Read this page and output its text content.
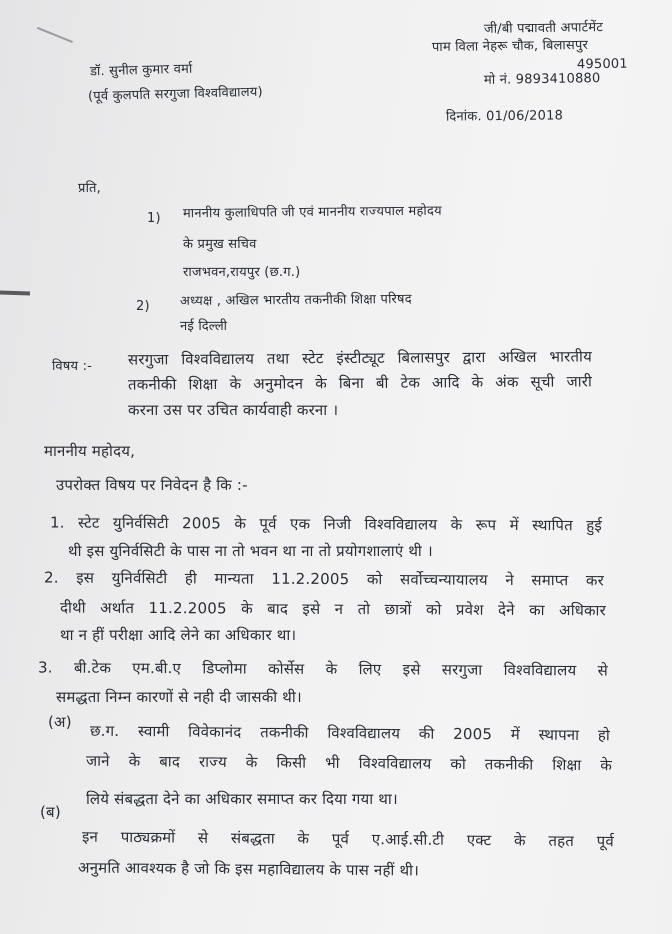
जी/बी पद्मावती अपार्टमेंट
पाम विला नेहरू चौक, बिलासपुर
495001
मो नं. 9893410880
डॉ. सुनील कुमार वर्मा
(पूर्व कुलपति सरगुजा विश्वविद्यालय)
दिनांक. 01/06/2018
प्रति,
1) माननीय कुलाधिपति जी एवं माननीय राज्यपाल महोदय
के प्रमुख सचिव
राजभवन,रायपुर (छ.ग.)
2) अध्यक्ष , अखिल भारतीय तकनीकी शिक्षा परिषद
नई दिल्ली
विषय :- सरगुजा विश्वविद्यालय तथा स्टेट इंस्टीट्यूट बिलासपुर द्वारा अखिल भारतीय
तकनीकी शिक्षा के अनुमोदन के बिना बी टेक आदि के अंक सूची जारी
करना उस पर उचित कार्यवाही करना ।
माननीय महोदय,
उपरोक्त विषय पर निवेदन है कि :-
1. स्टेट युनिर्वसिटी 2005 के पूर्व एक निजी विश्वविद्यालय के रूप में स्थापित हुई
थी इस युनिर्वसिटी के पास ना तो भवन था ना तो प्रयोगशालाएं थी ।
2. इस युनिर्वसिटी ही मान्यता 11.2.2005 को सर्वोच्चन्यायालय ने समाप्त कर
दीथी अर्थात 11.2.2005 के बाद इसे न तो छात्रों को प्रवेश देने का अधिकार
था न हीं परीक्षा आदि लेने का अधिकार था।
3. बी.टेक एम.बी.ए डिप्लोमा कोर्सेस के लिए इसे सरगुजा विश्वविद्यालय से
समद्धता निम्न कारणों से नही दी जासकी थी।
(अ) छ.ग. स्वामी विवेकानंद तकनीकी विश्वविद्यालय की 2005 में स्थापना हो
जाने के बाद राज्य के किसी भी विश्वविद्यालय को तकनीकी शिक्षा के
लिये संबद्धता देने का अधिकार समाप्त कर दिया गया था।
(ब)
इन पाठ्यक्रमों से संबद्धता के पूर्व ए.आई.सी.टी एक्ट के तहत पूर्व
अनुमति आवश्यक है जो कि इस महाविद्यालय के पास नहीं थी।
